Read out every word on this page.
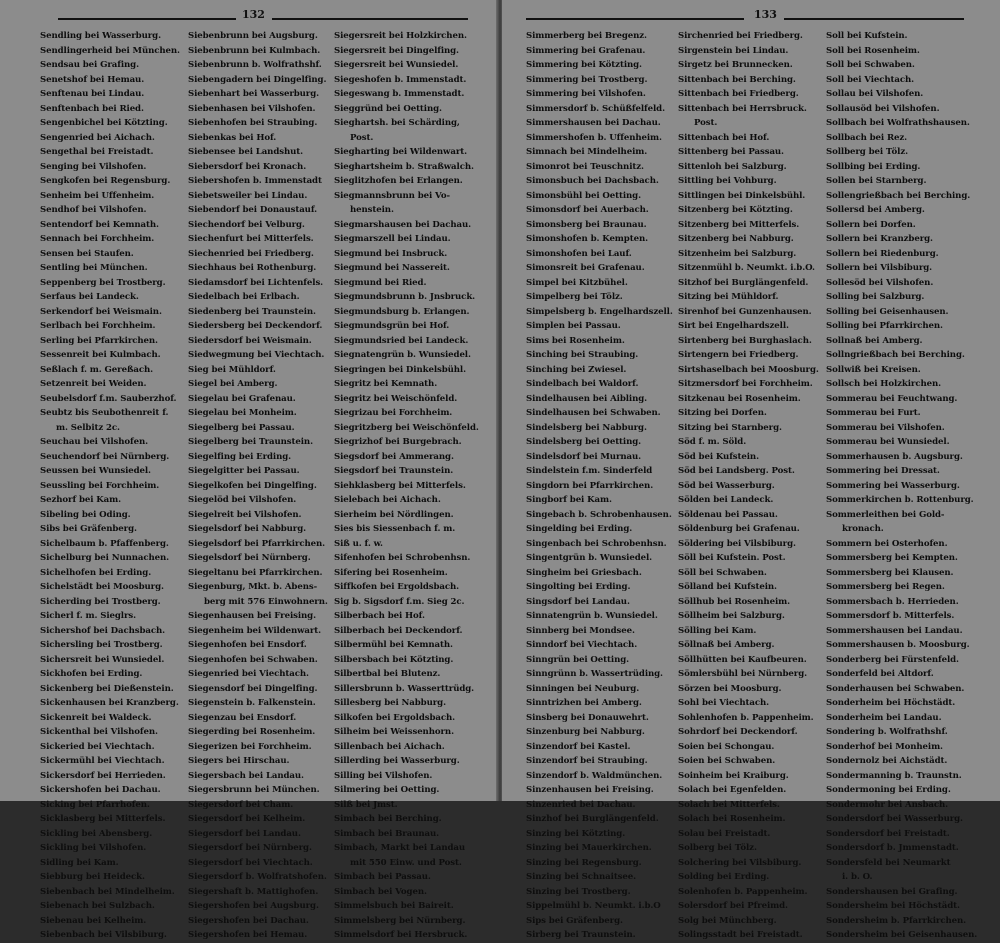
132
Sendling bei Wasserburg.
Sendlingerheid bei München.
Sendsau bei Grafing.
Senetshof bei Hemau.
Senftenau bei Lindau.
Senftenbach bei Ried.
Sengenbichel bei Kötzting.
Sengenried bei Aichach.
Sengethal bei Freistadt.
Senging bei Vilshofen.
Sengkofen bei Regensburg.
Senheim bei Uffenheim.
Sendhof bei Vilshofen.
Sentendorf bei Kemnath.
Sennach bei Forchheim.
Sensen bei Staufen.
Sentling bei München.
Seppenberg bei Trostberg.
Serfaus bei Landeck.
Serkendorf bei Weismain.
Serlbach bei Forchheim.
Serling bei Pfarrkirchen.
Sessenreit bei Kulmbach.
Seßlach f. m. Gereßach.
Setzenreit bei Weiden.
Seubelsdorf f.m. Sauberzhof.
Seubtz bis Seubothenreit f.
m. Selbitz 2c.
Seuchau bei Vilshofen.
Seuchendorf bei Nürnberg.
Seussen bei Wunsiedel.
Seussling bei Forchheim.
Sezhorf bei Kam.
Sibeling bei Oding.
Sibs bei Gräfenberg.
Sichelbaum b. Pfaffenberg.
Sichelburg bei Nunnachen.
Sichelhofen bei Erding.
Sichelstädt bei Moosburg.
Sicherding bei Trostberg.
Sicherl f. m. Sieglrs.
Sichershof bei Dachsbach.
Sichersling bei Trostberg.
Sichersreit bei Wunsiedel.
Sickhofen bei Erding.
Sickenberg bei Dießenstein.
Sickenhausen bei Kranzberg.
Sickenreit bei Waldeck.
Sickenthal bei Vilshofen.
Sickeried bei Viechtach.
Sickermühl bei Viechtach.
Sickersdorf bei Herrieden.
Sickershofen bei Dachau.
Sicking bei Pfarrhofen.
Sicklasberg bei Mitterfels.
Sickling bei Abensberg.
Sickling bei Vilshofen.
Sidling bei Kam.
Siebburg bei Heideck.
Siebenbach bei Mindelheim.
Siebenach bei Sulzbach.
Siebenau bei Kelheim.
Siebenbach bei Vilsbiburg.
Siebenbrunn bei Augsburg.
Siebenbrunn bei Kulmbach.
Siebenbrunn b. Wolfrathshf.
Siebengadern bei Dingelfing.
Siebenhart bei Wasserburg.
Siebenhasen bei Vilshofen.
Siebenhofen bei Straubing.
Siebenkas bei Hof.
Siebensee bei Landshut.
Siebersdorf bei Kronach.
Siebershofen b. Immenstadt
Siebetsweiler bei Lindau.
Siebendorf bei Donaustauf.
Siechendorf bei Velburg.
Siechenfurt bei Mitterfels.
Siechenried bei Friedberg.
Siechhaus bei Rothenburg.
Siedamsdorf bei Lichtenfels.
Siedelbach bei Erlbach.
Siedenberg bei Traunstein.
Siedersberg bei Deckendorf.
Siedersdorf bei Weismain.
Siedwegmung bei Viechtach.
Sieg bei Mühldorf.
Siegel bei Amberg.
Siegelau bei Grafenau.
Siegelau bei Monheim.
Siegelberg bei Passau.
Siegelberg bei Traunstein.
Siegelfing bei Erding.
Siegelgitter bei Passau.
Siegelkofen bei Dingelfing.
Siegelöd bei Vilshofen.
Siegelreit bei Vilshofen.
Siegelsdorf bei Nabburg.
Siegelsdorf bei Pfarrkirchen.
Siegelsdorf bei Nürnberg.
Siegeltanu bei Pfarrkirchen.
Siegenburg, Mkt. b. Abens-
berg mit 576 Einwohnern.
Siegenhausen bei Freising.
Siegenheim bei Wildenwart.
Siegenhofen bei Ensdorf.
Siegenhofen bei Schwaben.
Siegenried bei Viechtach.
Siegensdorf bei Dingelfing.
Siegenstein b. Falkenstein.
Siegenzau bei Ensdorf.
Siegerding bei Rosenheim.
Siegerizen bei Forchheim.
Siegers bei Hirschau.
Siegersbach bei Landau.
Siegersbrunn bei München.
Siegersdorf bei Cham.
Siegersdorf bei Kelheim.
Siegersdorf bei Landau.
Siegersdorf bei Nürnberg.
Siegersdorf bei Viechtach.
Siegersdorf b. Wolfratshofen.
Siegershaft b. Mattighofen.
Siegershofen bei Augsburg.
Siegershofen bei Dachau.
Siegershofen bei Hemau.
Siegersreit bei Holzkirchen.
Siegersreit bei Dingelfing.
Siegersreit bei Wunsiedel.
Siegeshofen b. Immenstadt.
Siegeswang b. Immenstadt.
Sieggründ bei Oetting.
Sieghartsh. bei Schärding,
Post.
Siegharting bei Wildenwart.
Sieghartsheim b. Straßwalch.
Sieglitzhofen bei Erlangen.
Siegmannsbrunn bei Vo-
henstein.
Siegmarshausen bei Dachau.
Siegmarszell bei Lindau.
Siegmund bei Insbruck.
Siegmund bei Nassereit.
Siegmund bei Ried.
Siegmundsbrunn b. Jnsbruck.
Siegmundsburg b. Erlangen.
Siegmundsgrün bei Hof.
Siegmundsried bei Landeck.
Siegnatengrün b. Wunsiedel.
Siegringen bei Dinkelsbühl.
Siegritz bei Kemnath.
Siegritz bei Weischönfeld.
Siegrizau bei Forchheim.
Siegritzberg bei Weischönfeld.
Siegrizhof bei Burgebrach.
Siegsdorf bei Ammerang.
Siegsdorf bei Traunstein.
Siehklasberg bei Mitterfels.
Sielebach bei Aichach.
Sierheim bei Nördlingen.
Sies bis Siessenbach f. m.
Siß u. f. w.
Sifenhofen bei Schrobenhsn.
Sifering bei Rosenheim.
Siffkofen bei Ergoldsbach.
Sig b. Sigsdorf f.m. Sieg 2c.
Silberbach bei Hof.
Silberbach bei Deckendorf.
Silbermühl bei Kemnath.
Silbersbach bei Kötzting.
Silbertbal bei Blutenz.
Sillersbrunn b. Wasserttrüdg.
Sillesberg bei Nabburg.
Silkofen bei Ergoldsbach.
Silheim bei Weissenhorn.
Sillenbach bei Aichach.
Sillerding bei Wasserburg.
Silling bei Vilshofen.
Silmering bei Oetting.
Silß bei Jmst.
Simbach bei Berching.
Simbach bei Braunau.
Simbach, Markt bei Landau
mit 550 Einw. und Post.
Simbach bei Passau.
Simbach bei Vogen.
Simmelsbuch bei Baireit.
Simmelsberg bei Nürnberg.
Simmelsdorf bei Hersbruck.
133
Simmerberg bei Bregenz.
Simmering bei Grafenau.
Simmering bei Kötzting.
Simmering bei Trostberg.
Simmering bei Vilshofen.
Simmersdorf b. Schüßfelfeld.
Simmershausen bei Dachau.
Simmershofen b. Uffenheim.
Simnach bei Mindelheim.
Simonrot bei Teuschnitz.
Simonsbuch bei Dachsbach.
Simonsbühl bei Oetting.
Simonsdorf bei Auerbach.
Simonsberg bei Braunau.
Simonshofen b. Kempten.
Simonshofen bei Lauf.
Simonsreit bei Grafenau.
Simpel bei Kitzbühel.
Simpelberg bei Tölz.
Simpelsberg b. Engelhardszell.
Simplen bei Passau.
Sims bei Rosenheim.
Sinching bei Straubing.
Sinching bei Zwiesel.
Sindelbach bei Waldorf.
Sindelhausen bei Aibling.
Sindelhausen bei Schwaben.
Sindelsberg bei Nabburg.
Sindelsberg bei Oetting.
Sindelsdorf bei Murnau.
Sindelstein f.m. Sinderfeld
Singdorn bei Pfarrkirchen.
Singborf bei Kam.
Singebach b. Schrobenhausen.
Singelding bei Erding.
Singenbach bei Schrobenhsn.
Singentgrün b. Wunsiedel.
Singheim bei Griesbach.
Singolting bei Erding.
Singsdorf bei Landau.
Sinnatengrün b. Wunsiedel.
Sinnberg bei Mondsee.
Sinndorf bei Viechtach.
Sinngrün bei Oetting.
Sinngrünn b. Wassertrüding.
Sinningen bei Neuburg.
Sinntrizhen bei Amberg.
Sinsberg bei Donauwehrt.
Sinzenburg bei Nabburg.
Sinzendorf bei Kastel.
Sinzendorf bei Straubing.
Sinzendorf b. Waldmünchen.
Sinzenhausen bei Freising.
Sinzenried bei Dachau.
Sinzhof bei Burglängenfeld.
Sinzing bei Kötzting.
Sinzing bei Mauerkirchen.
Sinzing bei Regensburg.
Sinzing bei Schnaitsee.
Sinzing bei Trostberg.
Sippelmühl b. Neumkt. i.b.O
Sips bei Gräfenberg.
Sirberg bei Traunstein.
Sirchenried bei Friedberg.
Sirgenstein bei Lindau.
Sirgetz bei Brunnecken.
Sittenbach bei Berching.
Sittenbach bei Friedberg.
Sittenbach bei Herrsbruck.
Post.
Sittenbach bei Hof.
Sittenberg bei Passau.
Sittenloh bei Salzburg.
Sittling bei Vohburg.
Sittlingen bei Dinkelsbühl.
Sitzenberg bei Kötzting.
Sitzenberg bei Mitterfels.
Sitzenberg bei Nabburg.
Sitzenheim bei Salzburg.
Sitzenmühl b. Neumkt. i.b.O.
Sitzhof bei Burglängenfeld.
Sitzing bei Mühldorf.
Sirenhof bei Gunzenhausen.
Sirt bei Engelhardszell.
Sirtenberg bei Burghaslach.
Sirtengern bei Friedberg.
Sirtshaselbach bei Moosburg.
Sitzmersdorf bei Forchheim.
Sitzkenau bei Rosenheim.
Sitzing bei Dorfen.
Sitzing bei Starnberg.
Söd f. m. Söld.
Söd bei Kufstein.
Söd bei Landsberg. Post.
Söd bei Wasserburg.
Sölden bei Landeck.
Söldenau bei Passau.
Söldenburg bei Grafenau.
Söldering bei Vilsbiburg.
Söll bei Kufstein. Post.
Söll bei Schwaben.
Sölland bei Kufstein.
Söllhub bei Rosenheim.
Söllheim bei Salzburg.
Sölling bei Kam.
Söllnaß bei Amberg.
Söllhütten bei Kaufbeuren.
Sömlersbühl bei Nürnberg.
Sörzen bei Moosburg.
Sohl bei Viechtach.
Sohlenhofen b. Pappenheim.
Sohrdorf bei Deckendorf.
Soien bei Schongau.
Soien bei Schwaben.
Soinheim bei Kraiburg.
Solach bei Egenfelden.
Solach bei Mitterfels.
Solach bei Rosenheim.
Solau bei Freistadt.
Solberg bei Tölz.
Solchering bei Vilsbiburg.
Solding bei Erding.
Solenhofen b. Pappenheim.
Solersdorf bei Pfreimd.
Solg bei Münchberg.
Solingsstadt bei Freistadt.
Soll bei Kufstein.
Soll bei Rosenheim.
Soll bei Schwaben.
Soll bei Viechtach.
Sollau bei Vilshofen.
Sollausöd bei Vilshofen.
Sollbach bei Wolfrathshausen.
Sollbach bei Rez.
Sollberg bei Tölz.
Sollbing bei Erding.
Sollen bei Starnberg.
Sollengrießbach bei Berching.
Sollersd bei Amberg.
Sollern bei Dorfen.
Sollern bei Kranzberg.
Sollern bei Riedenburg.
Sollern bei Vilsbiburg.
Sollesöd bei Vilshofen.
Solling bei Salzburg.
Solling bei Geisenhausen.
Solling bei Pfarrkirchen.
Sollnaß bei Amberg.
Sollngrießbach bei Berching.
Sollwiß bei Kreisen.
Sollsch bei Holzkirchen.
Sommerau bei Feuchtwang.
Sommerau bei Furt.
Sommerau bei Vilshofen.
Sommerau bei Wunsiedel.
Sommerhausen b. Augsburg.
Sommering bei Dressat.
Sommering bei Wasserburg.
Sommerkirchen b. Rottenburg.
Sommerleithen bei Gold-
kronach.
Sommern bei Osterhofen.
Sommersberg bei Kempten.
Sommersberg bei Klausen.
Sommersberg bei Regen.
Sommersbach b. Herrieden.
Sommersdorf b. Mitterfels.
Sommershausen bei Landau.
Sommershausen b. Moosburg.
Sonderberg bei Fürstenfeld.
Sonderfeld bei Altdorf.
Sonderhausen bei Schwaben.
Sonderheim bei Höchstädt.
Sonderheim bei Landau.
Sondering b. Wolfrathshf.
Sonderhof bei Monheim.
Sondernolz bei Aichstädt.
Sondermanning b. Traunstn.
Sondermoning bei Erding.
Sondermohr bei Ansbach.
Sondersdorf bei Wasserburg.
Sondersdorf bei Freistadt.
Sondersdorf b. Jmmenstadt.
Sondersfeld bei Neumarkt
i. b. O.
Sondershausen bei Grafing.
Sondersheim bei Höchstädt.
Sondersheim b. Pfarrkirchen.
Sondersheim bei Geisenhausen.
